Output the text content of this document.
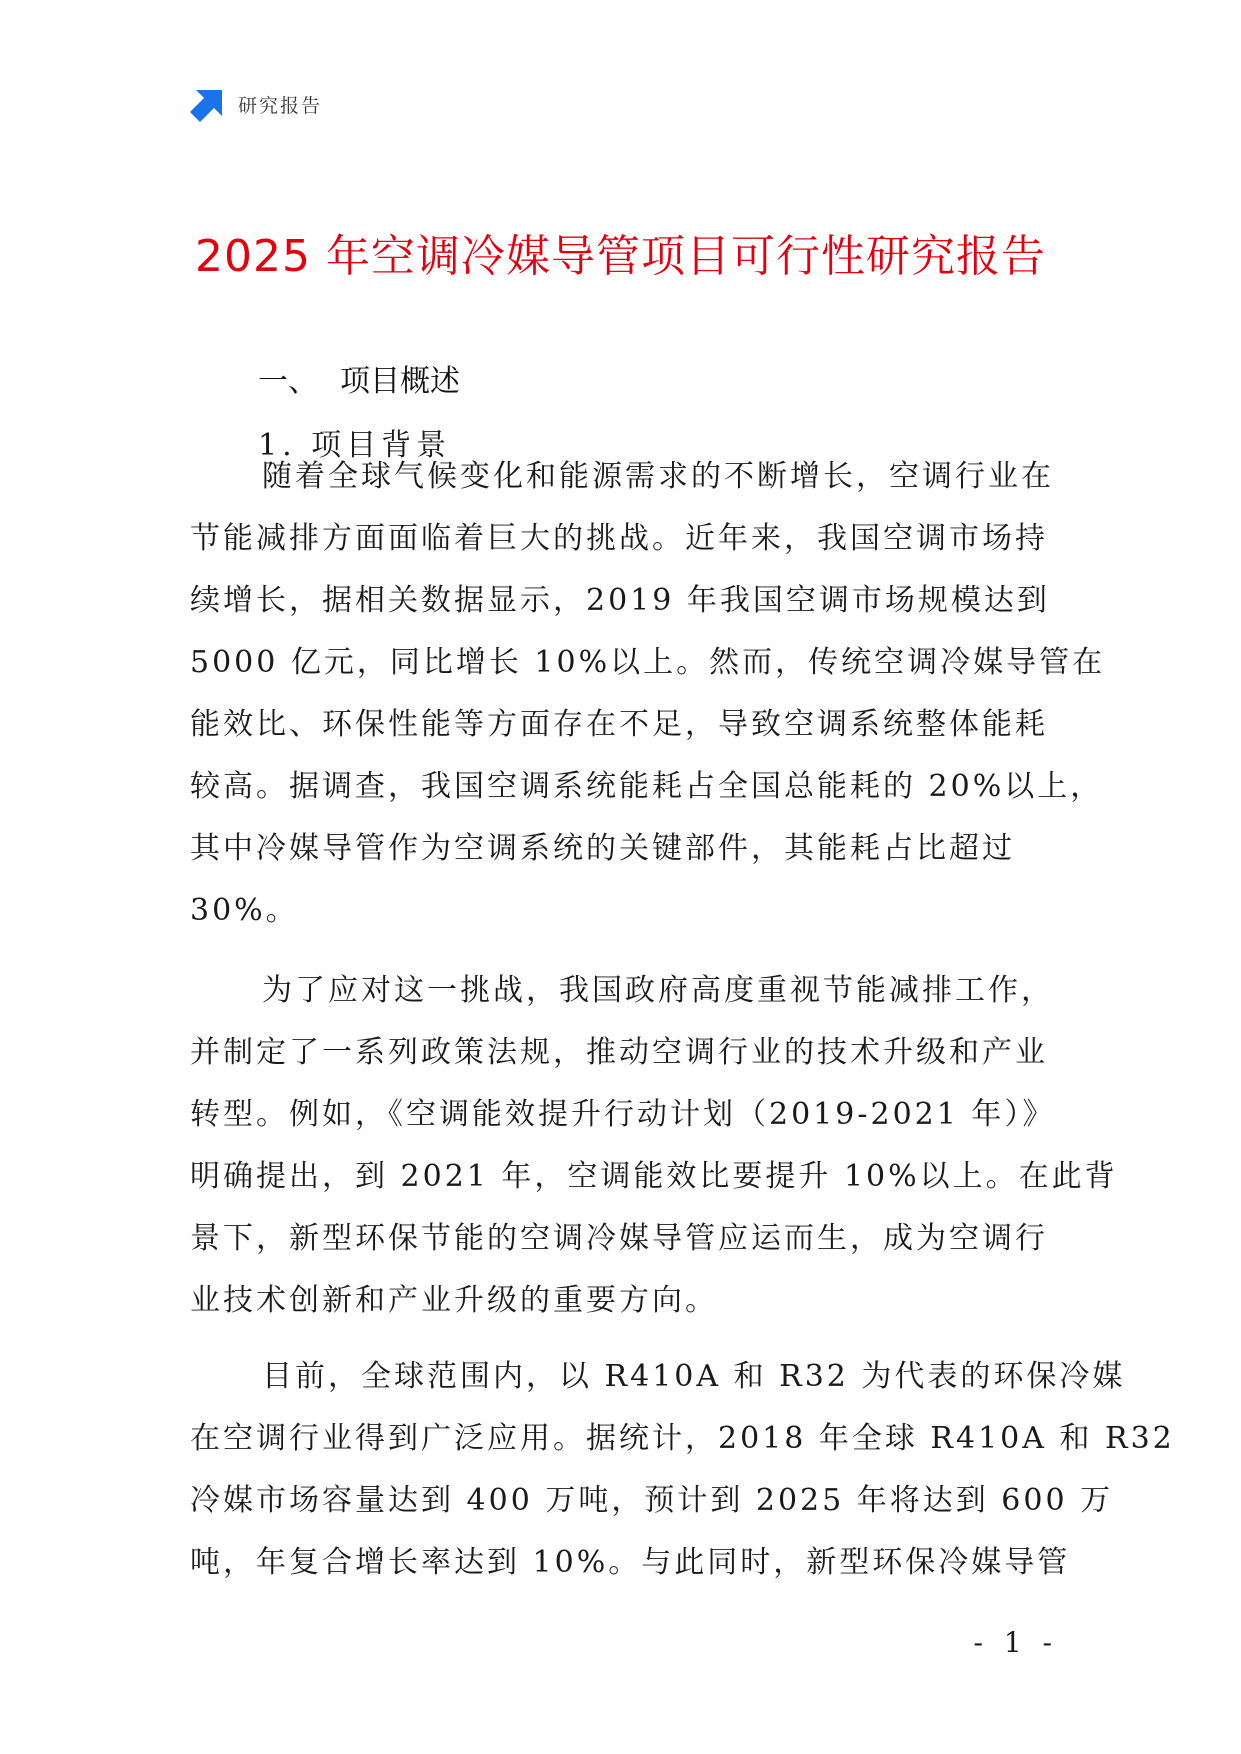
研究报告
2025 年空调冷媒导管项目可行性研究报告
一、 项目概述
1. 项目背景
随着全球气候变化和能源需求的不断增长，空调行业在
节能减排方面面临着巨大的挑战。近年来，我国空调市场持
续增长，据相关数据显示，2019 年我国空调市场规模达到
5000 亿元，同比增长 10%以上。然而，传统空调冷媒导管在
能效比、环保性能等方面存在不足，导致空调系统整体能耗
较高。据调查，我国空调系统能耗占全国总能耗的 20%以上，
其中冷媒导管作为空调系统的关键部件，其能耗占比超过
30%。
为了应对这一挑战，我国政府高度重视节能减排工作，
并制定了一系列政策法规，推动空调行业的技术升级和产业
转型。例如，《空调能效提升行动计划（2019-2021 年）》
明确提出，到 2021 年，空调能效比要提升 10%以上。在此背
景下，新型环保节能的空调冷媒导管应运而生，成为空调行
业技术创新和产业升级的重要方向。
目前，全球范围内，以 R410A 和 R32 为代表的环保冷媒
在空调行业得到广泛应用。据统计，2018 年全球 R410A 和 R32
冷媒市场容量达到 400 万吨，预计到 2025 年将达到 600 万
吨，年复合增长率达到 10%。与此同时，新型环保冷媒导管
- 1 -
